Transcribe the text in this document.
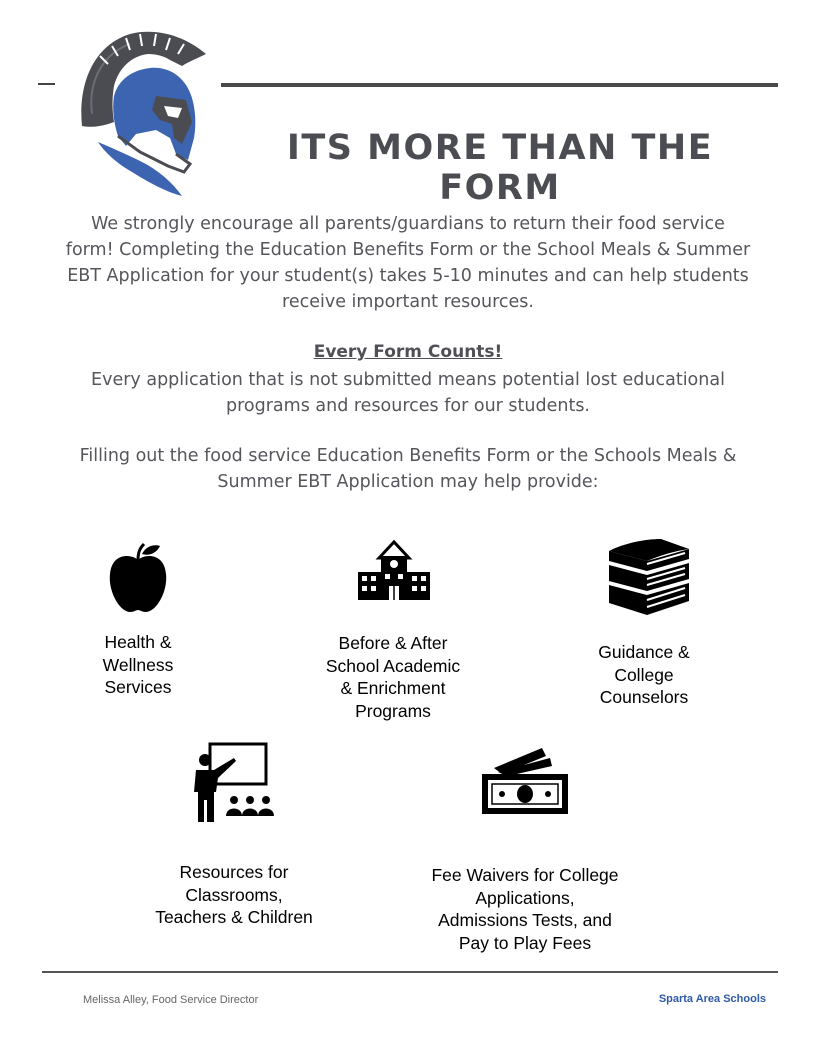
ITS MORE THAN THE FORM
We strongly encourage all parents/guardians to return their food service
form! Completing the Education Benefits Form or the School Meals & Summer
EBT Application for your student(s) takes 5-10 minutes and can help students
receive important resources.
Every Form Counts!
Every application that is not submitted means potential lost educational
programs and resources for our students.
Filling out the food service Education Benefits Form or the Schools Meals &
Summer EBT Application may help provide:
Health &
Wellness
Services
Before & After
School Academic
& Enrichment
Programs
Guidance &
College
Counselors
Resources for
Classrooms,
Teachers & Children
Fee Waivers for College
Applications,
Admissions Tests, and
Pay to Play Fees
Melissa Alley, Food Service Director	Sparta Area Schools
